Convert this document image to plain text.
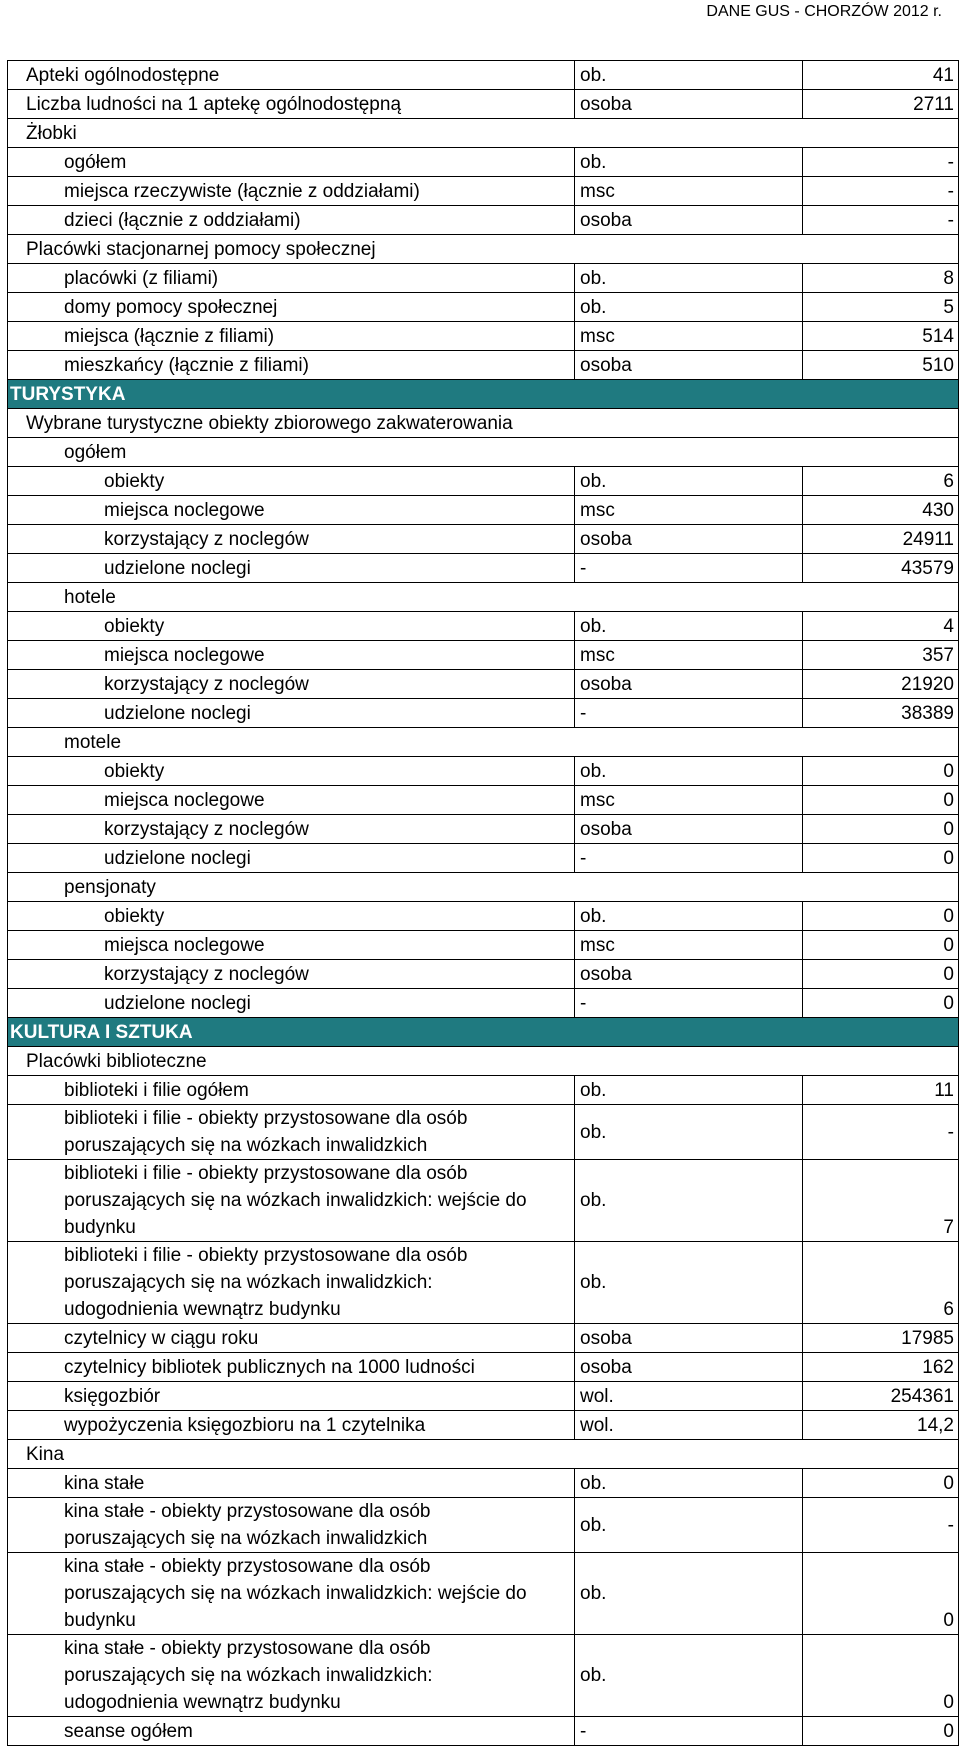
DANE GUS - CHORZÓW 2012 r.
Apteki ogólnodostępne	ob.	41
Liczba ludności na 1 aptekę ogólnodostępną	osoba	2711
Żłobki		
ogółem	ob.	-
miejsca rzeczywiste (łącznie z oddziałami)	msc	-
dzieci (łącznie z oddziałami)	osoba	-
Placówki stacjonarnej pomocy społecznej		
placówki (z filiami)	ob.	8
domy pomocy społecznej	ob.	5
miejsca (łącznie z filiami)	msc	514
mieszkańcy (łącznie z filiami)	osoba	510
TURYSTYKA		
Wybrane turystyczne obiekty zbiorowego zakwaterowania		
ogółem		
obiekty	ob.	6
miejsca noclegowe	msc	430
korzystający z noclegów	osoba	24911
udzielone noclegi	-	43579
hotele		
obiekty	ob.	4
miejsca noclegowe	msc	357
korzystający z noclegów	osoba	21920
udzielone noclegi	-	38389
motele		
obiekty	ob.	0
miejsca noclegowe	msc	0
korzystający z noclegów	osoba	0
udzielone noclegi	-	0
pensjonaty		
obiekty	ob.	0
miejsca noclegowe	msc	0
korzystający z noclegów	osoba	0
udzielone noclegi	-	0
KULTURA I SZTUKA		
Placówki biblioteczne		
biblioteki i filie ogółem	ob.	11
biblioteki i filie - obiekty przystosowane dla osób poruszających się na wózkach inwalidzkich	ob.	-
biblioteki i filie - obiekty przystosowane dla osób poruszających się na wózkach inwalidzkich: wejście do budynku	ob.	7
biblioteki i filie - obiekty przystosowane dla osób poruszających się na wózkach inwalidzkich: udogodnienia wewnątrz budynku	ob.	6
czytelnicy w ciągu roku	osoba	17985
czytelnicy bibliotek publicznych na 1000 ludności	osoba	162
księgozbiór	wol.	254361
wypożyczenia księgozbioru na 1 czytelnika	wol.	14,2
Kina		
kina stałe	ob.	0
kina stałe - obiekty przystosowane dla osób poruszających się na wózkach inwalidzkich	ob.	-
kina stałe - obiekty przystosowane dla osób poruszających się na wózkach inwalidzkich: wejście do budynku	ob.	0
kina stałe - obiekty przystosowane dla osób poruszających się na wózkach inwalidzkich: udogodnienia wewnątrz budynku	ob.	0
seanse ogółem	-	0
